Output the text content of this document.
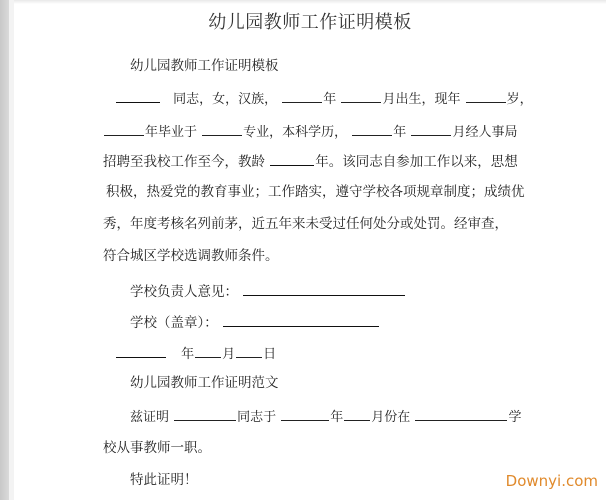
幼儿园教师工作证明模板
幼儿园教师工作证明模板
同志，女，汉族，	年	月出生，现年	岁，
年毕业于	专业，本科学历，	年	月经人事局
招聘至我校工作至今，教龄	年。该同志自参加工作以来，思想
积极，热爱党的教育事业；工作踏实，遵守学校各项规章制度；成绩优
秀，年度考核名列前茅，近五年来未受过任何处分或处罚。经审查，
符合城区学校选调教师条件。
学校负责人意见：
学校（盖章）：
年 月 日
幼儿园教师工作证明范文
兹证明	同志于	年 月份在	学
校从事教师一职。
特此证明！	Downyi.com
